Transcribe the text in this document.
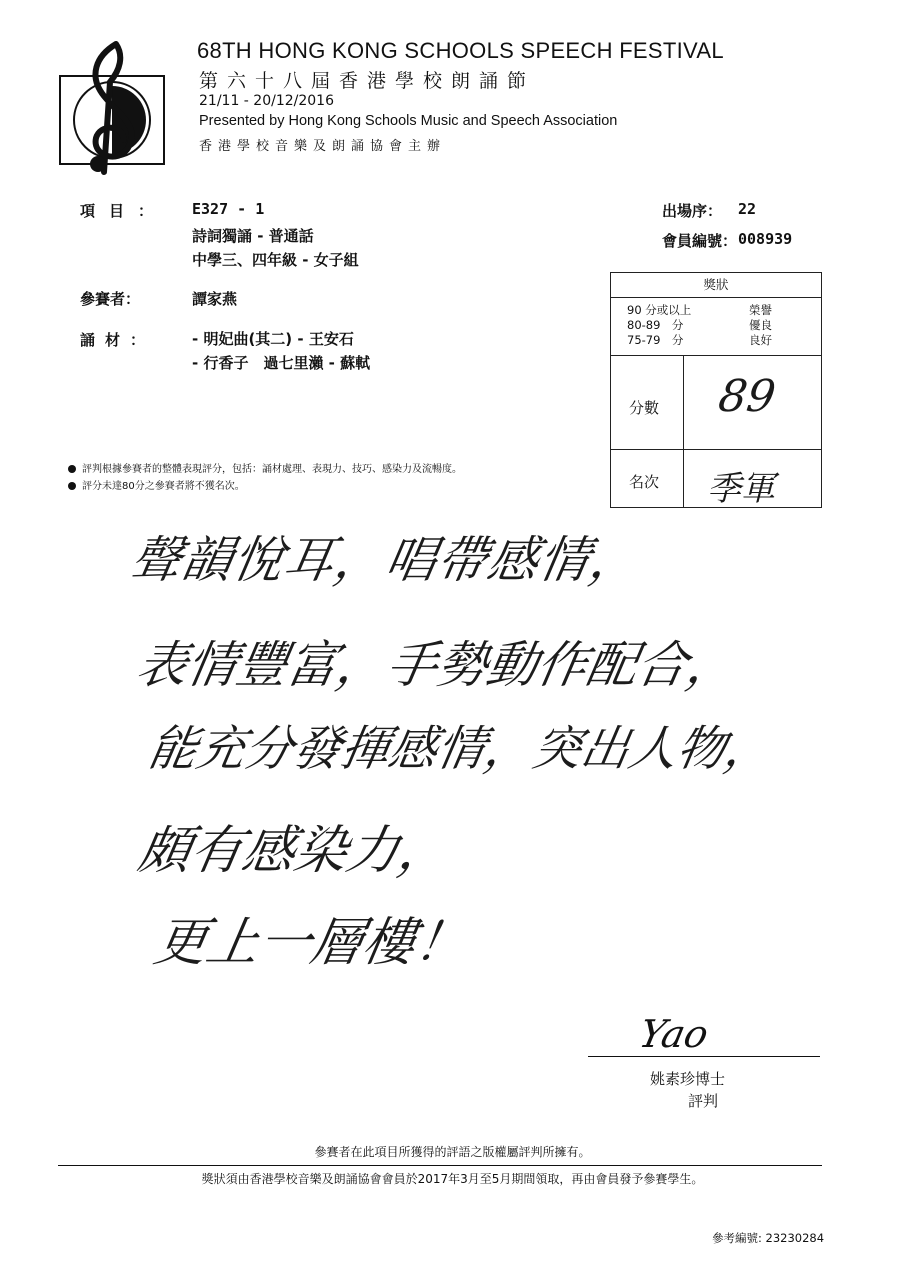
68TH HONG KONG SCHOOLS SPEECH FESTIVAL
第六十八屆香港學校朗誦節
21/11 - 20/12/2016
Presented by Hong Kong Schools Music and Speech Association
香港學校音樂及朗誦協會主辦
項目： E327 - 1
詩詞獨誦 - 普通話
中學三、四年級 - 女子組
參賽者：	譚家燕
誦材： - 明妃曲(其二) - 王安石
- 行香子　過七里瀨 - 蘇軾
出場序： 22
會員編號： 008939
獎狀
90 分或以上	榮譽
80-89　分	優良
75-79　分	良好
分數 89
名次 季軍
評判根據參賽者的整體表現評分，包括：誦材處理、表現力、技巧、感染力及流暢度。
評分未達80分之參賽者將不獲名次。
聲韻悅耳，唱帶感情，
表情豐富，手勢動作配合，
能充分發揮感情，突出人物，
頗有感染力，
更上一層樓！
Yao
姚素珍博士
評判
參賽者在此項目所獲得的評語之版權屬評判所擁有。
獎狀須由香港學校音樂及朗誦協會會員於2017年3月至5月期間領取，再由會員發予參賽學生。
參考編號: 23230284
